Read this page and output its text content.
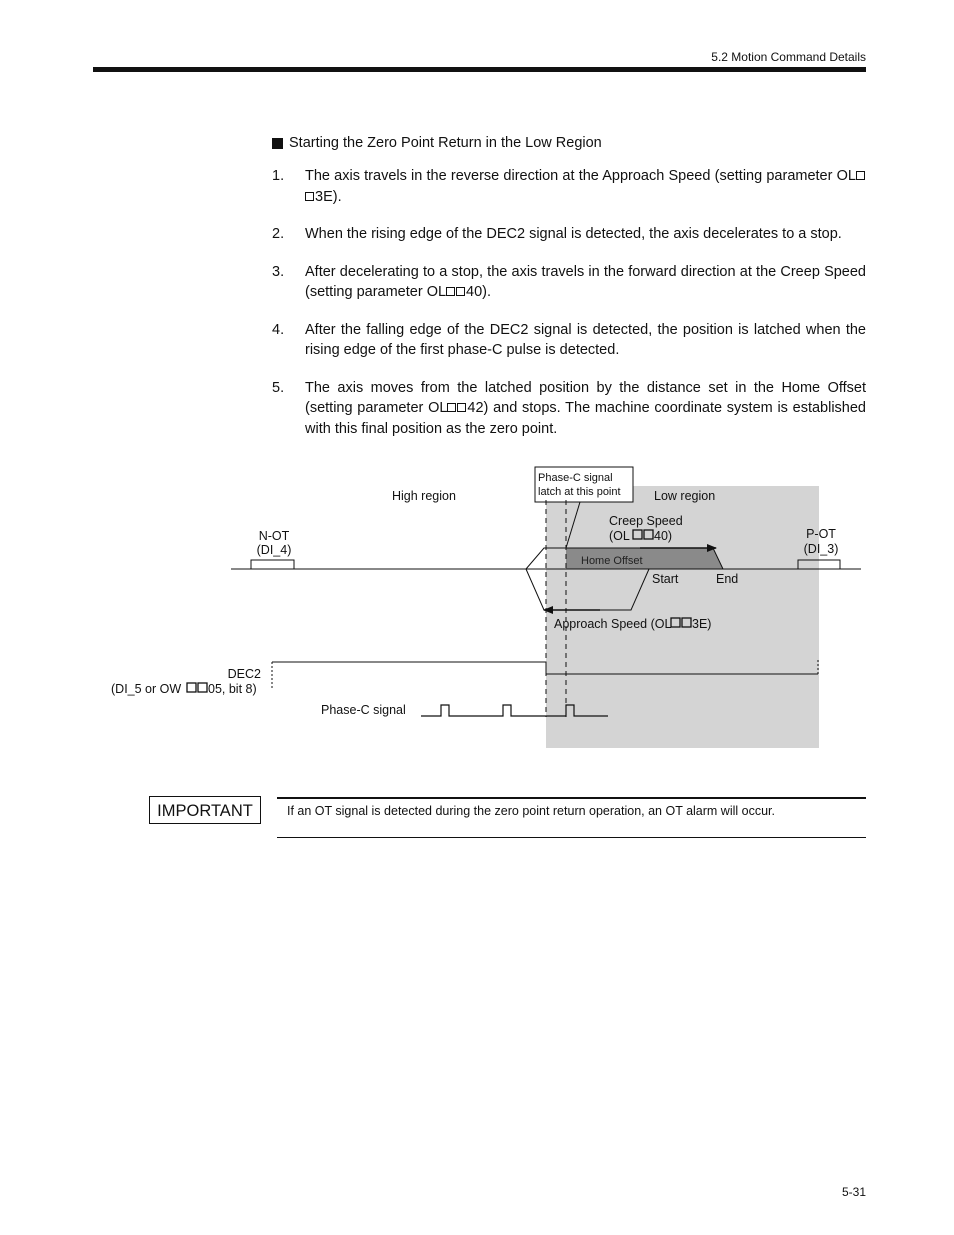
5.2 Motion Command Details
Starting the Zero Point Return in the Low Region
1.	The axis travels in the reverse direction at the Approach Speed (setting parameter OL3E).
2.	When the rising edge of the DEC2 signal is detected, the axis decelerates to a stop.
3.	After decelerating to a stop, the axis travels in the forward direction at the Creep Speed (setting parameter OL 40).
4.	After the falling edge of the DEC2 signal is detected, the position is latched when the rising edge of the first phase-C pulse is detected.
5.	The axis moves from the latched position by the distance set in the Home Offset (setting parameter OL 42) and stops. The machine coordinate system is established with this final position as the zero point.
High region	Low region
Phase-C signal
latch at this point
Home Offset
Creep Speed
(OL 40)
Start	End
Approach Speed (OL 3E)
N-OT
(DI_4)
P-OT
(DI_3)
DEC2
(DI_5 or OW 05, bit 8)
Phase-C signal
IMPORTANT	If an OT signal is detected during the zero point return operation, an OT alarm will occur.
5-31
